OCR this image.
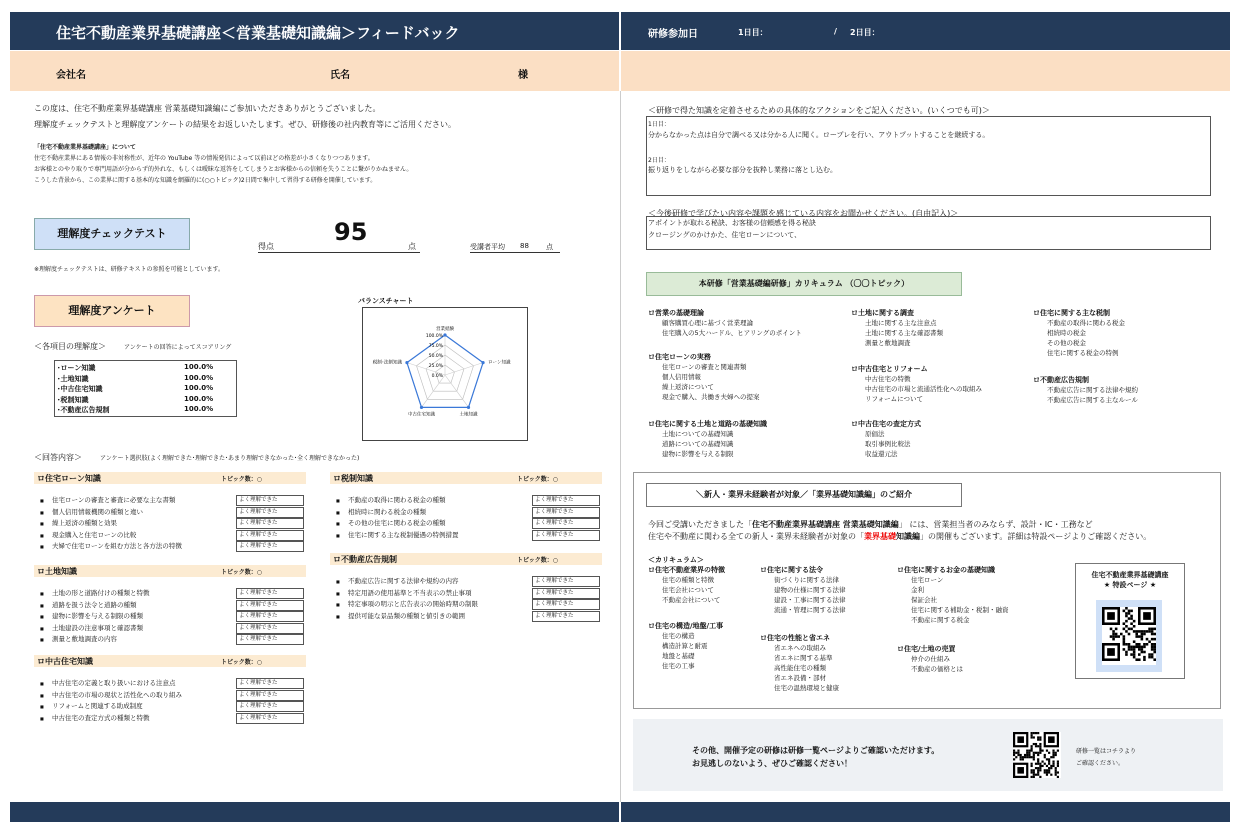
住宅不動産業界基礎講座＜営業基礎知識編＞フィードバック	研修参加日	1日目：	/ 2日目：
会社名	氏名	様
この度は、住宅不動産業界基礎講座 営業基礎知識編にご参加いただきありがとうございました。
理解度チェックテストと理解度アンケートの結果をお返しいたします。ぜひ、研修後の社内教育等にご活用ください。
「住宅不動産業界基礎講座」について
住宅不動産業界にある情報の非対称性が、近年の YouTube 等の情報発信によって以前ほどの格差が小さくなりつつあります。
お客様とのやり取りで専門用語が分からず的外れな、もしくは曖昧な返答をしてしまうとお客様からの信頼を失うことに繋がりかねません。
こうした背景から、この業界に関する基本的な知識を網羅的に(○○トピック)2日間で集中して習得する研修を開催しています。
理解度チェックテスト
得点
95
点	受講者平均 88 点
※理解度チェックテストは、研修テキストの参照を可能としています。
理解度アンケート
バランスチャート
＜各項目の理解度＞	アンケートの回答によってスコアリング
100.0%
75.0%
50.0%
25.0%
0.0%
営業経験
ローン知識
土地知識
中古住宅知識
税制･法制知識
＜回答内容＞	アンケート選択肢(よく理解できた･理解できた･あまり理解できなかった･全く理解できなかった)
＜研修で得た知識を定着させるための具体的なアクションをご記入ください。(いくつでも可)＞
1日目：
分からなかった点は自分で調べる又は分かる人に聞く。ロープレを行い、アウトプットすることを継続する。
2日目：
振り返りをしながら必要な部分を抜粋し業務に落とし込む。
＜今後研修で学びたい内容や課題を感じている内容をお聞かせください。(自由記入)＞
アポイントが取れる秘訣、お客様の信頼感を得る秘訣
クロージングのかけかた、住宅ローンについて、
本研修「営業基礎編研修」カリキュラム （〇〇トピック）
＼新人・業界未経験者が対象／「業界基礎知識編」のご紹介
今回ご受講いただきました「住宅不動産業界基礎講座 営業基礎知識編」 には、営業担当者のみならず、設計・IC・工務など
住宅や不動産に関わる全ての新人・業界未経験者が対象の「業界基礎知識編」の開催もございます。詳細は特設ページよりご確認ください。
＜カリキュラム＞
住宅不動産業界基礎講座
★ 特設ページ ★
その他、開催予定の研修は研修一覧ページよりご確認いただけます。
お見逃しのないよう、ぜひご確認ください！
研修一覧はコチラより
ご確認ください。
･ローン知識	100.0%
･土地知識	100.0%
･中古住宅知識	100.0%
･税制知識	100.0%
･不動産広告規制	100.0%
ロ住宅ローン知識	トピック数：○
■ 住宅ローンの審査と審査に必要な主な書類	よく理解できた
■ 個人信用情報機関の種類と違い	よく理解できた
■ 繰上返済の種類と効果	よく理解できた
■ 現金購入と住宅ローンの比較	よく理解できた
■ 夫婦で住宅ローンを組む方法と各方法の特徴	よく理解できた
ロ土地知識	トピック数：○
■ 土地の形と道路付けの種類と特徴	よく理解できた
■ 道路を扱う法令と道路の種類	よく理解できた
■ 建物に影響を与える制限の種類	よく理解できた
■ 土地建設の注意事項と確認書類	よく理解できた
■ 測量と敷地調査の内容	よく理解できた
ロ中古住宅知識	トピック数：○
■ 中古住宅の定義と取り扱いにおける注意点	よく理解できた
■ 中古住宅の市場の現状と活性化への取り組み	よく理解できた
■ リフォームと関連する助成制度	よく理解できた
■ 中古住宅の査定方式の種類と特徴	よく理解できた
ロ税制知識	トピック数：○
■ 不動産の取得に関わる税金の種類	よく理解できた
■ 相続時に関わる税金の種類	よく理解できた
■ その他の住宅に関わる税金の種類	よく理解できた
■ 住宅に関する主な税制優遇の特例措置	よく理解できた
ロ不動産広告規制	トピック数：○
■ 不動産広告に関する法律や規約の内容	よく理解できた
■ 特定用語の使用基準と不当表示の禁止事項	よく理解できた
■ 特定事項の明示と広告表示の開始時期の制限	よく理解できた
■ 提供可能な景品類の種類と値引きの範囲	よく理解できた
ロ営業の基礎理論
顧客購買心理に基づく営業理論
住宅購入の5大ハードル、ヒアリングのポイント
ロ住宅ローンの実務
住宅ローンの審査と関連書類
個人信用情報
繰上返済について
現金で購入、共働き夫婦への提案
ロ住宅に関する土地と道路の基礎知識
土地についての基礎知識
道路についての基礎知識
建物に影響を与える制限
ロ土地に関する調査
土地に関する主な注意点
土地に関する主な確認書類
測量と敷地調査
ロ中古住宅とリフォーム
中古住宅の特徴
中古住宅の市場と流通活性化への取組み
リフォームについて
ロ中古住宅の査定方式
原価法
取引事例比較法
収益還元法
ロ住宅に関する主な税制
不動産の取得に関わる税金
相続時の税金
その他の税金
住宅に関する税金の特例
ロ不動産広告規制
不動産広告に関する法律や規約
不動産広告に関する主なルール
ロ住宅不動産業界の特徴
住宅の種類と特徴
住宅会社について
不動産会社について
ロ住宅の構造/地盤/工事
住宅の構造
構造計算と耐震
地盤と基礎
住宅の工事
ロ住宅に関する法令
街づくりに関する法律
建物の仕様に関する法律
建設・工事に関する法律
流通・管理に関する法律
ロ住宅の性能と省エネ
省エネへの取組み
省エネに関する基準
高性能住宅の種類
省エネ設備・部材
住宅の温熱環境と健康
ロ住宅に関するお金の基礎知識
住宅ローン
金利
保証会社
住宅に関する補助金・税制・融資
不動産に関する税金
ロ住宅/土地の売買
仲介の仕組み
不動産の価格とは
